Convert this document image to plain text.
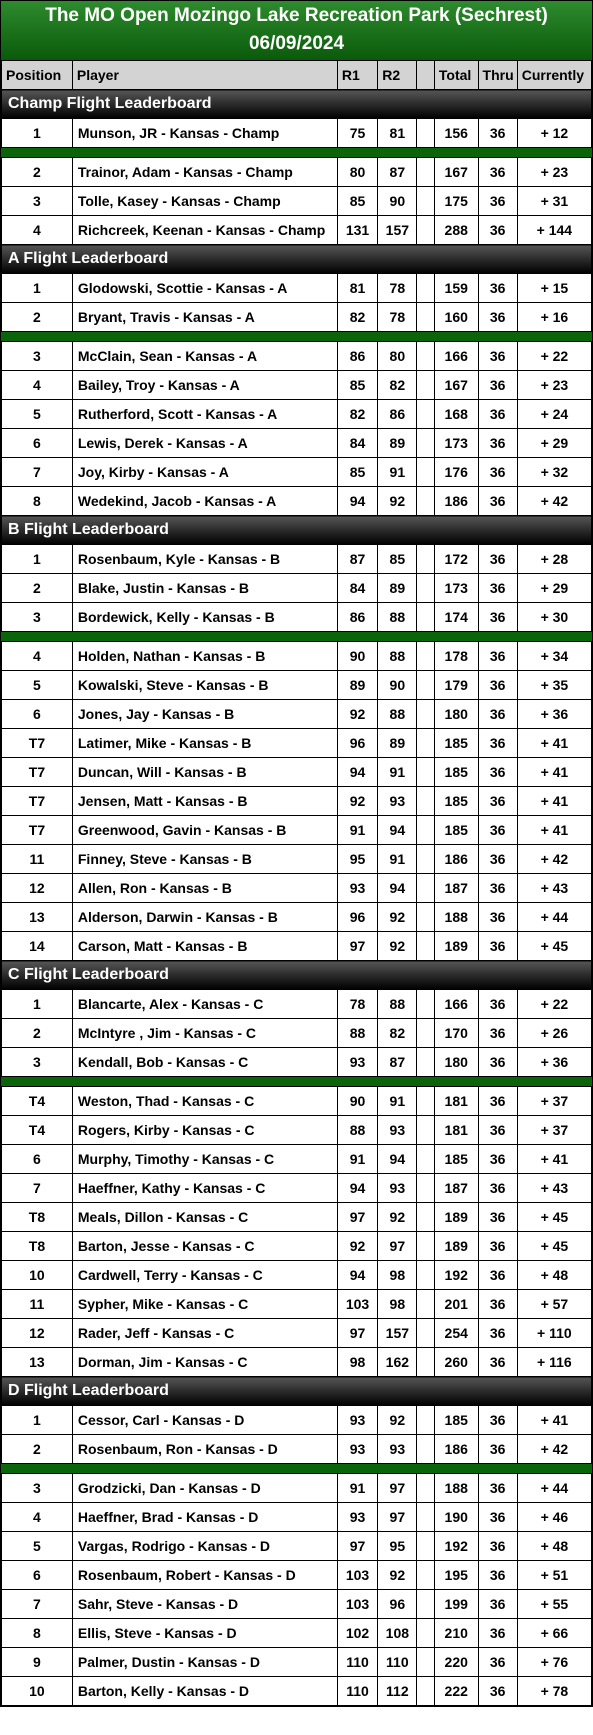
The MO Open Mozingo Lake Recreation Park (Sechrest)
06/09/2024
Position	Player	R1	R2		Total	Thru	Currently
Champ Flight Leaderboard							
1	Munson, JR - Kansas - Champ	75	81		156	36	+ 12

2	Trainor, Adam - Kansas - Champ	80	87		167	36	+ 23
3	Tolle, Kasey - Kansas - Champ	85	90		175	36	+ 31
4	Richcreek, Keenan - Kansas - Champ	131	157		288	36	+ 144
A Flight Leaderboard							
1	Glodowski, Scottie - Kansas - A	81	78		159	36	+ 15
2	Bryant, Travis - Kansas - A	82	78		160	36	+ 16

3	McClain, Sean - Kansas - A	86	80		166	36	+ 22
4	Bailey, Troy - Kansas - A	85	82		167	36	+ 23
5	Rutherford, Scott - Kansas - A	82	86		168	36	+ 24
6	Lewis, Derek - Kansas - A	84	89		173	36	+ 29
7	Joy, Kirby - Kansas - A	85	91		176	36	+ 32
8	Wedekind, Jacob - Kansas - A	94	92		186	36	+ 42
B Flight Leaderboard							
1	Rosenbaum, Kyle - Kansas - B	87	85		172	36	+ 28
2	Blake, Justin - Kansas - B	84	89		173	36	+ 29
3	Bordewick, Kelly - Kansas - B	86	88		174	36	+ 30

4	Holden, Nathan - Kansas - B	90	88		178	36	+ 34
5	Kowalski, Steve - Kansas - B	89	90		179	36	+ 35
6	Jones, Jay - Kansas - B	92	88		180	36	+ 36
T7	Latimer, Mike - Kansas - B	96	89		185	36	+ 41
T7	Duncan, Will - Kansas - B	94	91		185	36	+ 41
T7	Jensen, Matt - Kansas - B	92	93		185	36	+ 41
T7	Greenwood, Gavin - Kansas - B	91	94		185	36	+ 41
11	Finney, Steve - Kansas - B	95	91		186	36	+ 42
12	Allen, Ron - Kansas - B	93	94		187	36	+ 43
13	Alderson, Darwin - Kansas - B	96	92		188	36	+ 44
14	Carson, Matt - Kansas - B	97	92		189	36	+ 45
C Flight Leaderboard							
1	Blancarte, Alex - Kansas - C	78	88		166	36	+ 22
2	McIntyre , Jim - Kansas - C	88	82		170	36	+ 26
3	Kendall, Bob - Kansas - C	93	87		180	36	+ 36

T4	Weston, Thad - Kansas - C	90	91		181	36	+ 37
T4	Rogers, Kirby - Kansas - C	88	93		181	36	+ 37
6	Murphy, Timothy - Kansas - C	91	94		185	36	+ 41
7	Haeffner, Kathy - Kansas - C	94	93		187	36	+ 43
T8	Meals, Dillon - Kansas - C	97	92		189	36	+ 45
T8	Barton, Jesse - Kansas - C	92	97		189	36	+ 45
10	Cardwell, Terry - Kansas - C	94	98		192	36	+ 48
11	Sypher, Mike - Kansas - C	103	98		201	36	+ 57
12	Rader, Jeff - Kansas - C	97	157		254	36	+ 110
13	Dorman, Jim - Kansas - C	98	162		260	36	+ 116
D Flight Leaderboard							
1	Cessor, Carl - Kansas - D	93	92		185	36	+ 41
2	Rosenbaum, Ron - Kansas - D	93	93		186	36	+ 42

3	Grodzicki, Dan - Kansas - D	91	97		188	36	+ 44
4	Haeffner, Brad - Kansas - D	93	97		190	36	+ 46
5	Vargas, Rodrigo - Kansas - D	97	95		192	36	+ 48
6	Rosenbaum, Robert - Kansas - D	103	92		195	36	+ 51
7	Sahr, Steve - Kansas - D	103	96		199	36	+ 55
8	Ellis, Steve - Kansas - D	102	108		210	36	+ 66
9	Palmer, Dustin - Kansas - D	110	110		220	36	+ 76
10	Barton, Kelly - Kansas - D	110	112		222	36	+ 78
